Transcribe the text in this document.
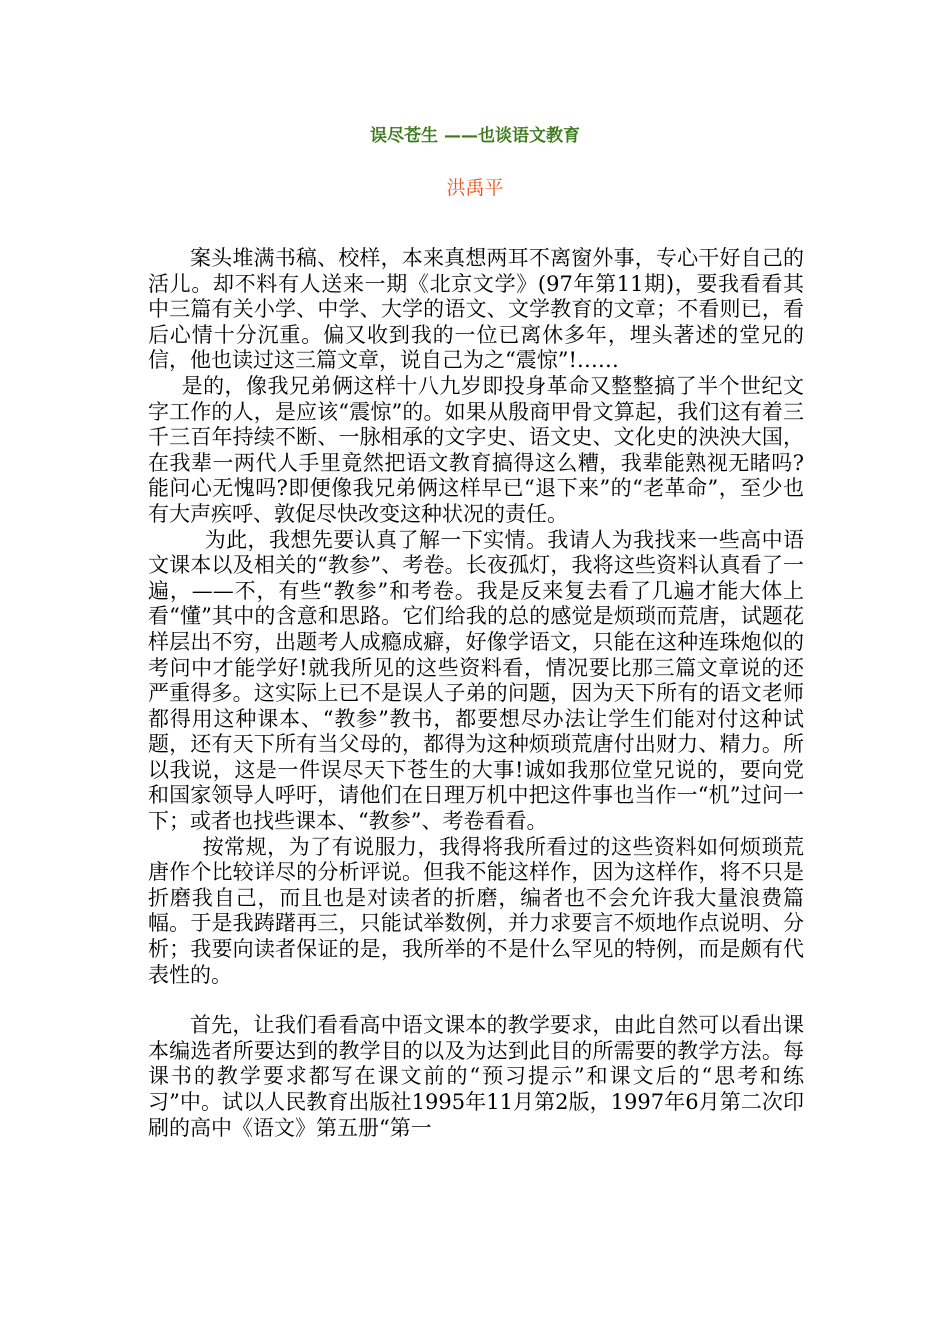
误尽苍生 ——也谈语文教育
洪禹平

案头堆满书稿、校样，本来真想两耳不离窗外事，专心干好自己的活儿。却不料有人送来一期《北京文学》(97年第11期)，要我看看其中三篇有关小学、中学、大学的语文、文学教育的文章；不看则已，看后心情十分沉重。偏又收到我的一位已离休多年，埋头著述的堂兄的信，他也读过这三篇文章，说自己为之“震惊”!……

是的，像我兄弟俩这样十八九岁即投身革命又整整搞了半个世纪文字工作的人，是应该“震惊”的。如果从殷商甲骨文算起，我们这有着三千三百年持续不断、一脉相承的文字史、语文史、文化史的泱泱大国，在我辈一两代人手里竟然把语文教育搞得这么糟，我辈能熟视无睹吗?能问心无愧吗?即便像我兄弟俩这样早已“退下来”的“老革命”，至少也有大声疾呼、敦促尽快改变这种状况的责任。

为此，我想先要认真了解一下实情。我请人为我找来一些高中语文课本以及相关的“教参”、考卷。长夜孤灯，我将这些资料认真看了一遍，——不，有些“教参”和考卷。我是反来复去看了几遍才能大体上看“懂”其中的含意和思路。它们给我的总的感觉是烦琐而荒唐，试题花样层出不穷，出题考人成瘾成癖，好像学语文，只能在这种连珠炮似的考问中才能学好!就我所见的这些资料看，情况要比那三篇文章说的还严重得多。这实际上已不是误人子弟的问题，因为天下所有的语文老师都得用这种课本、“教参”教书，都要想尽办法让学生们能对付这种试题，还有天下所有当父母的，都得为这种烦琐荒唐付出财力、精力。所以我说，这是一件误尽天下苍生的大事!诚如我那位堂兄说的，要向党和国家领导人呼吁，请他们在日理万机中把这件事也当作一“机”过问一下；或者也找些课本、“教参”、考卷看看。

按常规，为了有说服力，我得将我所看过的这些资料如何烦琐荒唐作个比较详尽的分析评说。但我不能这样作，因为这样作，将不只是折磨我自己，而且也是对读者的折磨，编者也不会允许我大量浪费篇幅。于是我踌躇再三，只能试举数例，并力求要言不烦地作点说明、分析；我要向读者保证的是，我所举的不是什么罕见的特例，而是颇有代表性的。

首先，让我们看看高中语文课本的教学要求，由此自然可以看出课本编选者所要达到的教学目的以及为达到此目的所需要的教学方法。每课书的教学要求都写在课文前的“预习提示”和课文后的“思考和练习”中。试以人民教育出版社1995年11月第2版，1997年6月第二次印刷的高中《语文》第五册“第一
